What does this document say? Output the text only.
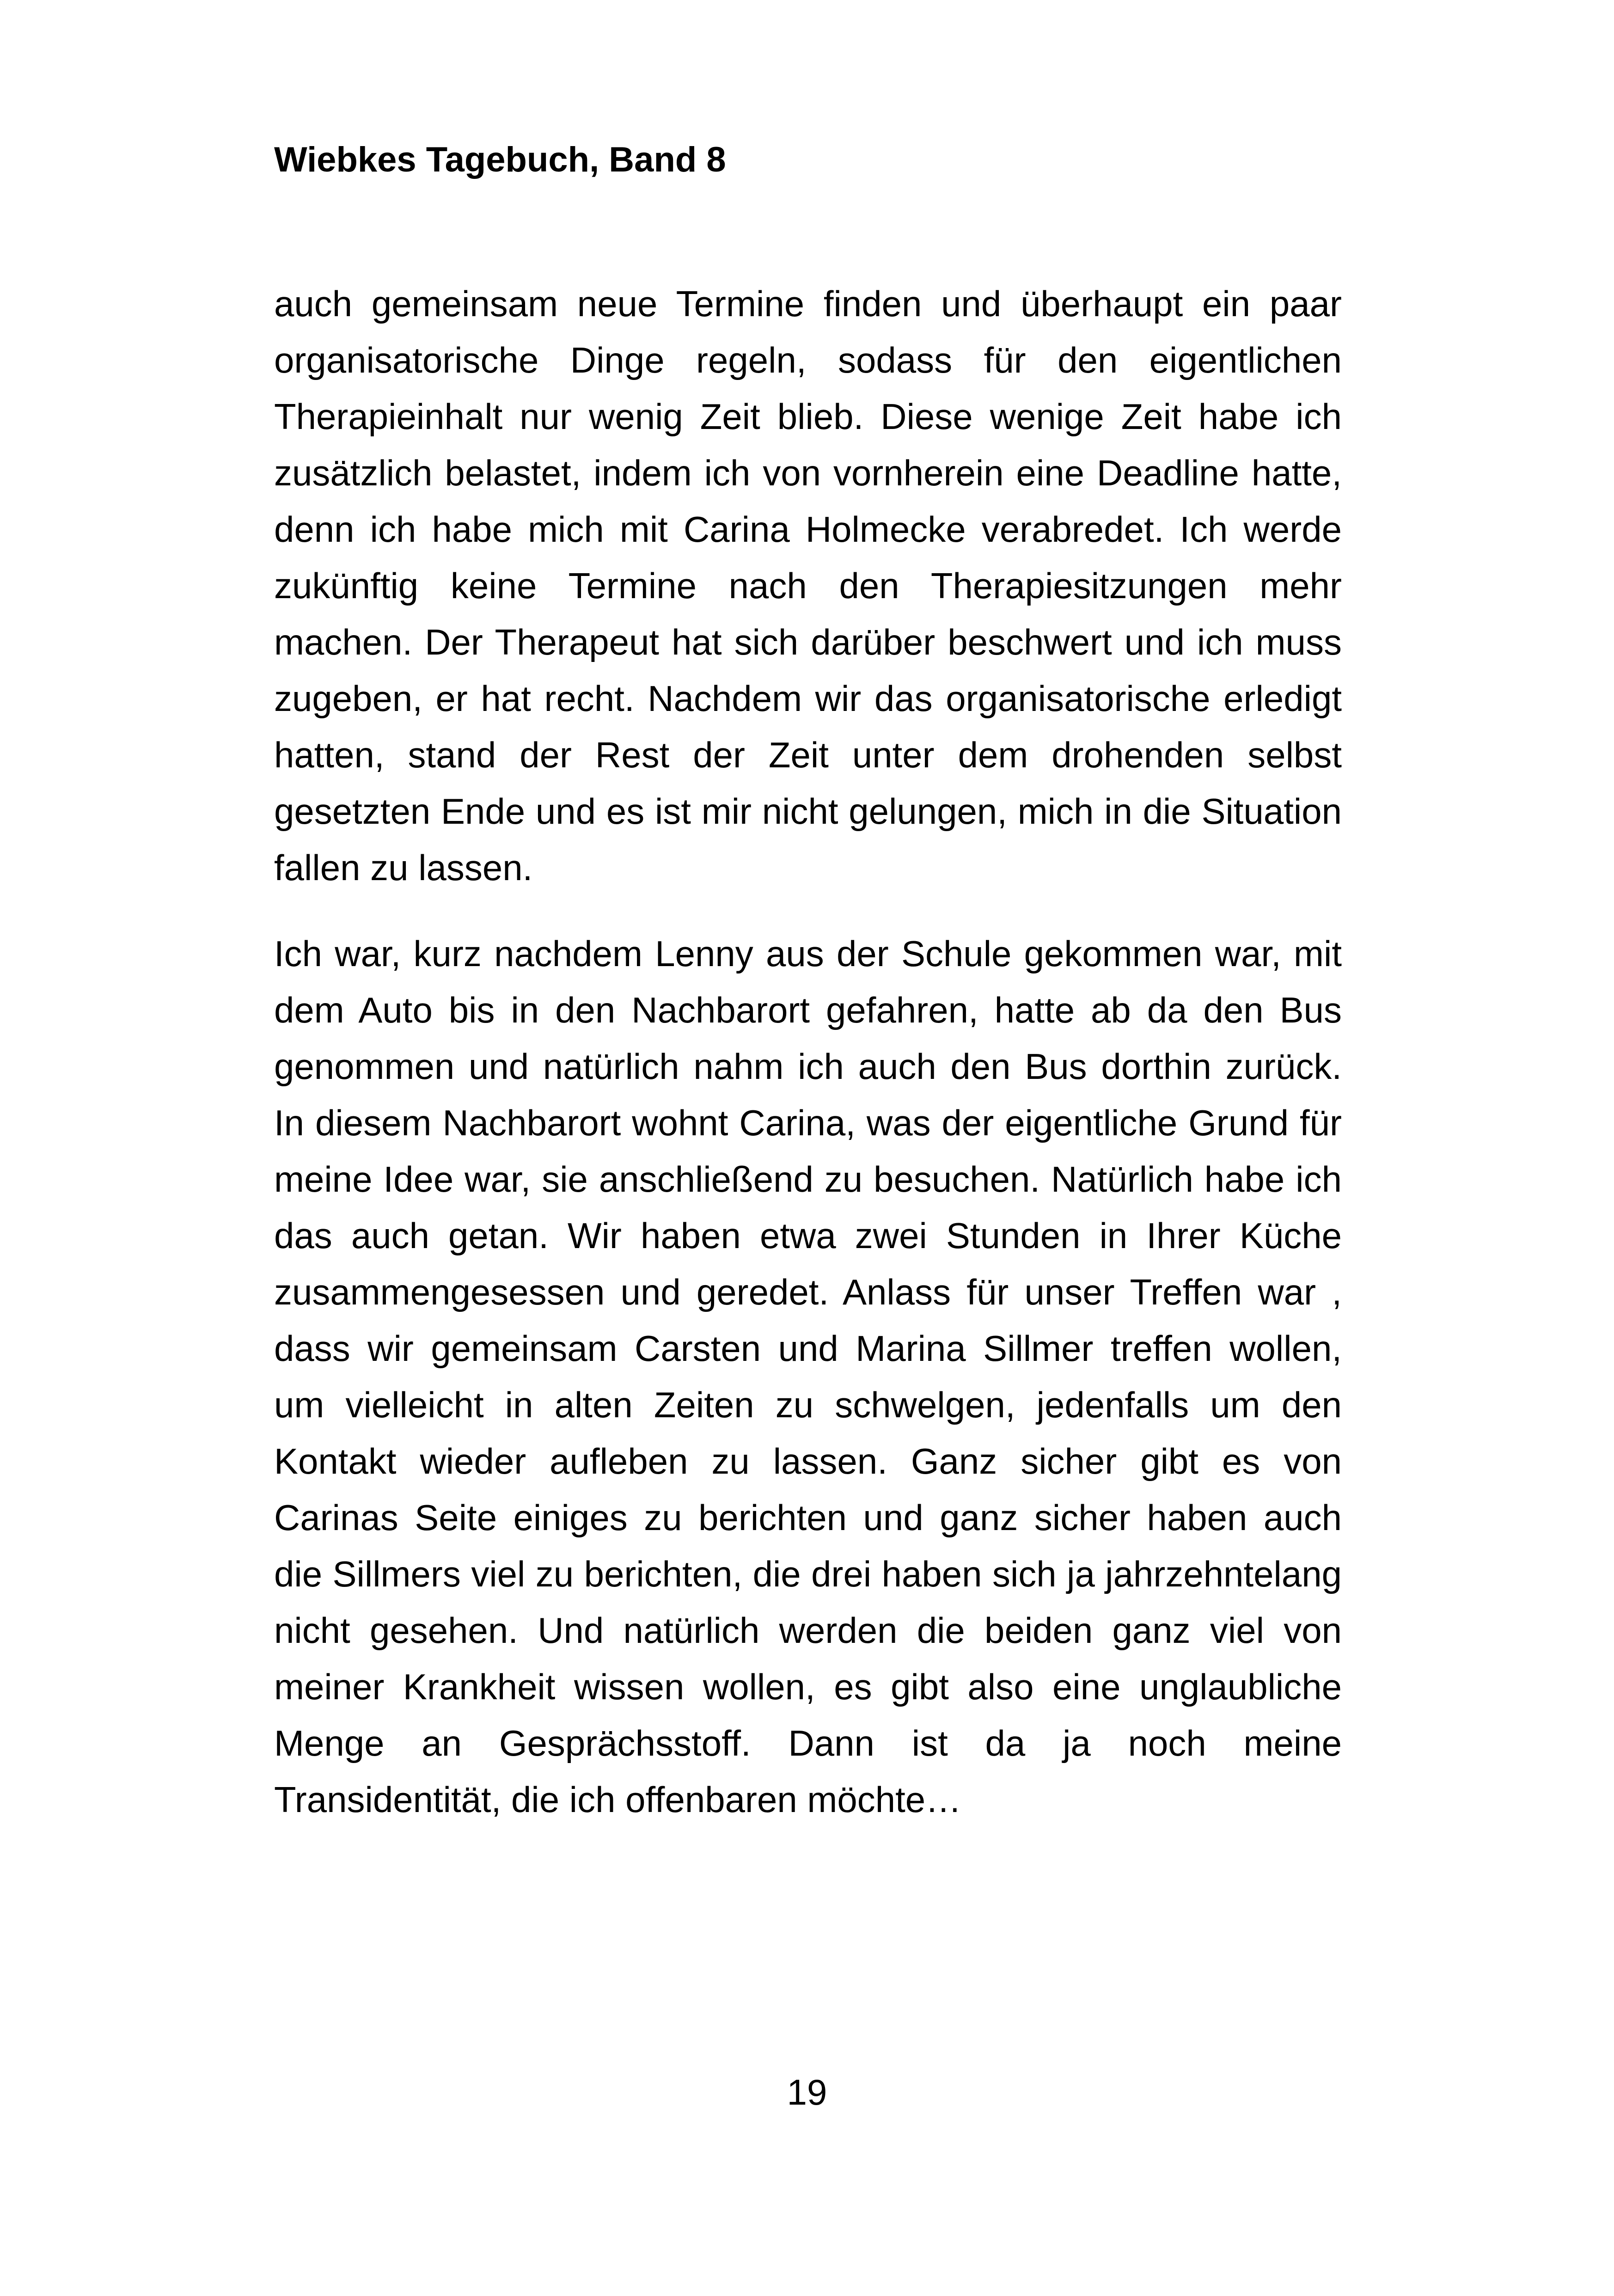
Wiebkes Tagebuch, Band 8

auch gemeinsam neue Termine finden und überhaupt ein paar organisatorische Dinge regeln, sodass für den eigentlichen Therapieinhalt nur wenig Zeit blieb. Diese wenige Zeit habe ich zusätzlich belastet, indem ich von vornherein eine Deadline hatte, denn ich habe mich mit Carina Holmecke verabredet. Ich werde zukünftig keine Termine nach den Therapiesitzungen mehr machen. Der Therapeut hat sich darüber beschwert und ich muss zugeben, er hat recht. Nachdem wir das organisatorische erledigt hatten, stand der Rest der Zeit unter dem drohenden selbst gesetzten Ende und es ist mir nicht gelungen, mich in die Situation fallen zu lassen.

Ich war, kurz nachdem Lenny aus der Schule gekommen war, mit dem Auto bis in den Nachbarort gefahren, hatte ab da den Bus genommen und natürlich nahm ich auch den Bus dorthin zurück. In diesem Nachbarort wohnt Carina, was der eigentliche Grund für meine Idee war, sie anschließend zu besuchen. Natürlich habe ich das auch getan. Wir haben etwa zwei Stunden in Ihrer Küche zusammengesessen und geredet. Anlass für unser Treffen war , dass wir gemeinsam Carsten und Marina Sillmer treffen wollen, um vielleicht in alten Zeiten zu schwelgen, jedenfalls um den Kontakt wieder aufleben zu lassen. Ganz sicher gibt es von Carinas Seite einiges zu berichten und ganz sicher haben auch die Sillmers viel zu berichten, die drei haben sich ja jahrzehntelang nicht gesehen. Und natürlich werden die beiden ganz viel von meiner Krankheit wissen wollen, es gibt also eine unglaubliche Menge an Gesprächsstoff. Dann ist da ja noch meine Transidentität, die ich offenbaren möchte…

19
